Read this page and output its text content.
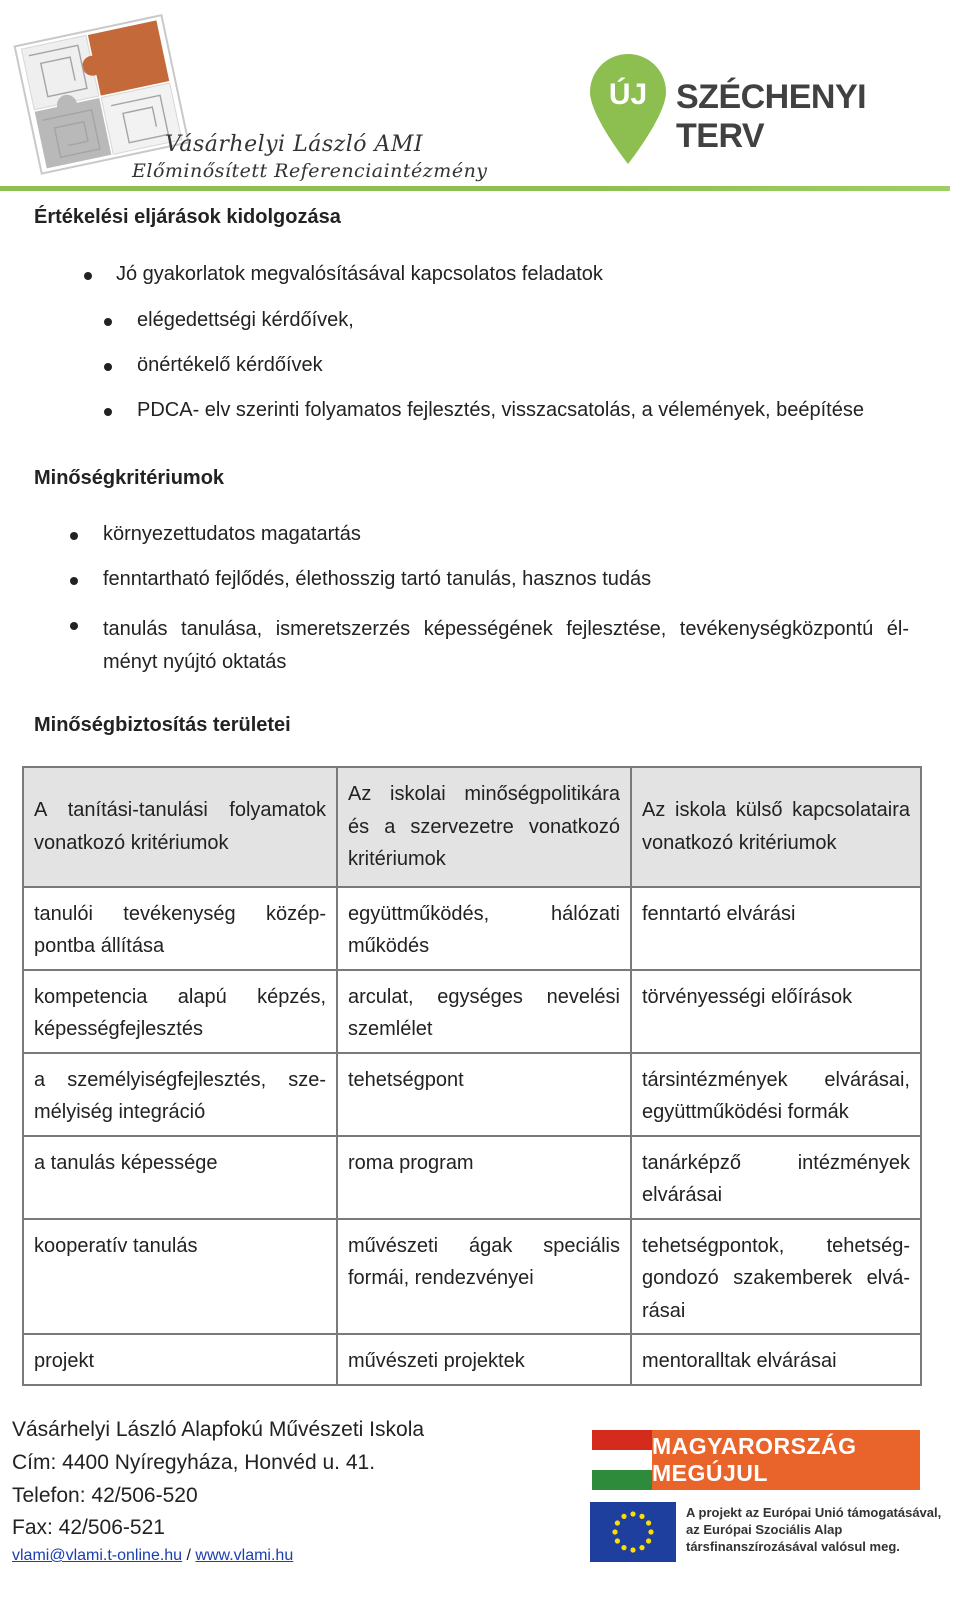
Vásárhelyi László AMI
Előminősített Referenciaintézmény
ÚJ SZÉCHENYI TERV
Értékelési eljárások kidolgozása
Jó gyakorlatok megvalósításával kapcsolatos feladatok
elégedettségi kérdőívek,
önértékelő kérdőívek
PDCA- elv szerinti folyamatos fejlesztés, visszacsatolás, a vélemények, beépítése
Minőségkritériumok
környezettudatos magatartás
fenntartható fejlődés, élethosszig tartó tanulás, hasznos tudás
tanulás tanulása, ismeretszerzés képességének fejlesztése, tevékenységközpontú él-ményt nyújtó oktatás
Minőségbiztosítás területei
A tanítási-tanulási folyamatok vonatkozó kritériumok	Az iskolai minőségpolitikára és a szervezetre vonatkozó kritériumok	Az iskola külső kapcsolataira vonatkozó kritériumok
tanulói tevékenység közép-pontba állítása	együttműködés, hálózati működés	fenntartó elvárási
kompetencia alapú képzés, képességfejlesztés	arculat, egységes nevelési szemlélet	törvényességi előírások
a személyiségfejlesztés, sze-mélyiség integráció	tehetségpont	társintézmények elvárásai, együttműködési formák
a tanulás képessége	roma program	tanárképző intézmények elvárásai
kooperatív tanulás	művészeti ágak speciális formái, rendezvényei	tehetségpontok, tehetség-gondozó szakemberek elvá-rásai
projekt	művészeti projektek	mentoralltak elvárásai
Vásárhelyi László Alapfokú Művészeti Iskola
Cím: 4400 Nyíregyháza, Honvéd u. 41.
Telefon: 42/506-520
Fax: 42/506-521
vlami@vlami.t-online.hu / www.vlami.hu
MAGYARORSZÁG MEGÚJUL
A projekt az Európai Unió támogatásával,
az Európai Szociális Alap
társfinanszírozásával valósul meg.
